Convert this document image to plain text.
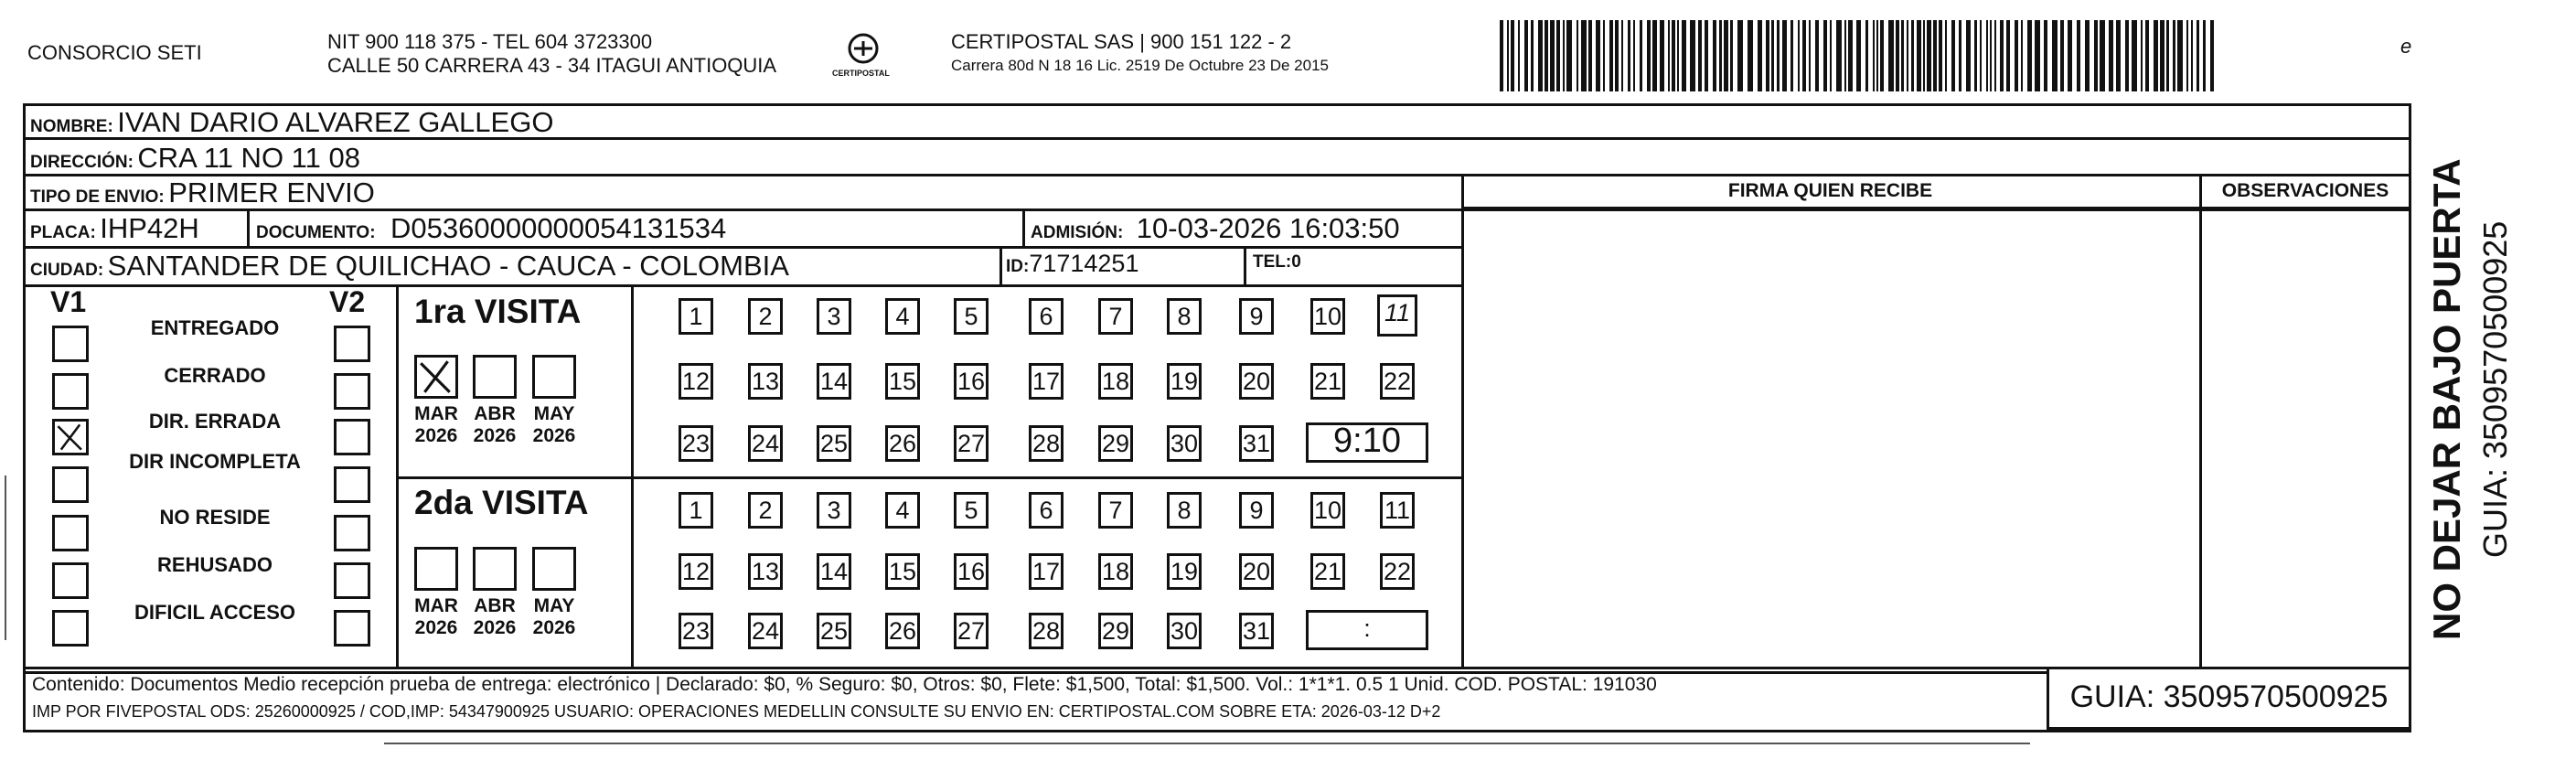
CONSORCIO SETI	NIT 900 118 375 - TEL 604 3723300
CALLE 50 CARRERA 43 - 34 ITAGUI ANTIOQUIA	CERTIPOSTAL
CERTIPOSTAL SAS | 900 151 122 - 2
Carrera 80d N 18 16 Lic. 2519 De Octubre 23 De 2015
e
NOMBRE: IVAN DARIO ALVAREZ GALLEGO
DIRECCIÓN: CRA 11 NO 11 08
TIPO DE ENVIO: PRIMER ENVIO
PLACA: IHP42H	DOCUMENTO: D05360000000054131534	ADMISIÓN: 10-03-2026 16:03:50
CIUDAD: SANTANDER DE QUILICHAO - CAUCA - COLOMBIA	ID:71714251	TEL:0
FIRMA QUIEN RECIBE	OBSERVACIONES
V1	V2
ENTREGADO
CERRADO
DIR. ERRADA
DIR INCOMPLETA
NO RESIDE
REHUSADO
DIFICIL ACCESO
1ra VISITA
2da VISITA
MAR
2026
ABR
2026
MAY
2026
MAR
2026
ABR
2026
MAY
2026
1	2	3	4	5	6	7	8	9	10 11
12 13 14 15 16 17 18 19 20 21 22
23 24 25 26 27 28 29 30 31	9:10
1	2	3	4	5	6	7	8	9	10 11
12 13 14 15 16 17 18 19 20 21 22
23 24 25 26 27 28 29 30 31	:
Contenido: Documentos Medio recepción prueba de entrega: electrónico | Declarado: $0, % Seguro: $0, Otros: $0, Flete: $1,500, Total: $1,500. Vol.: 1*1*1. 0.5 1 Unid. COD. POSTAL: 191030
IMP POR FIVEPOSTAL ODS: 25260000925 / COD,IMP: 54347900925 USUARIO: OPERACIONES MEDELLIN CONSULTE SU ENVIO EN: CERTIPOSTAL.COM SOBRE ETA: 2026-03-12 D+2	GUIA: 3509570500925
NO DEJAR BAJO PUERTA GUIA: 3509570500925
